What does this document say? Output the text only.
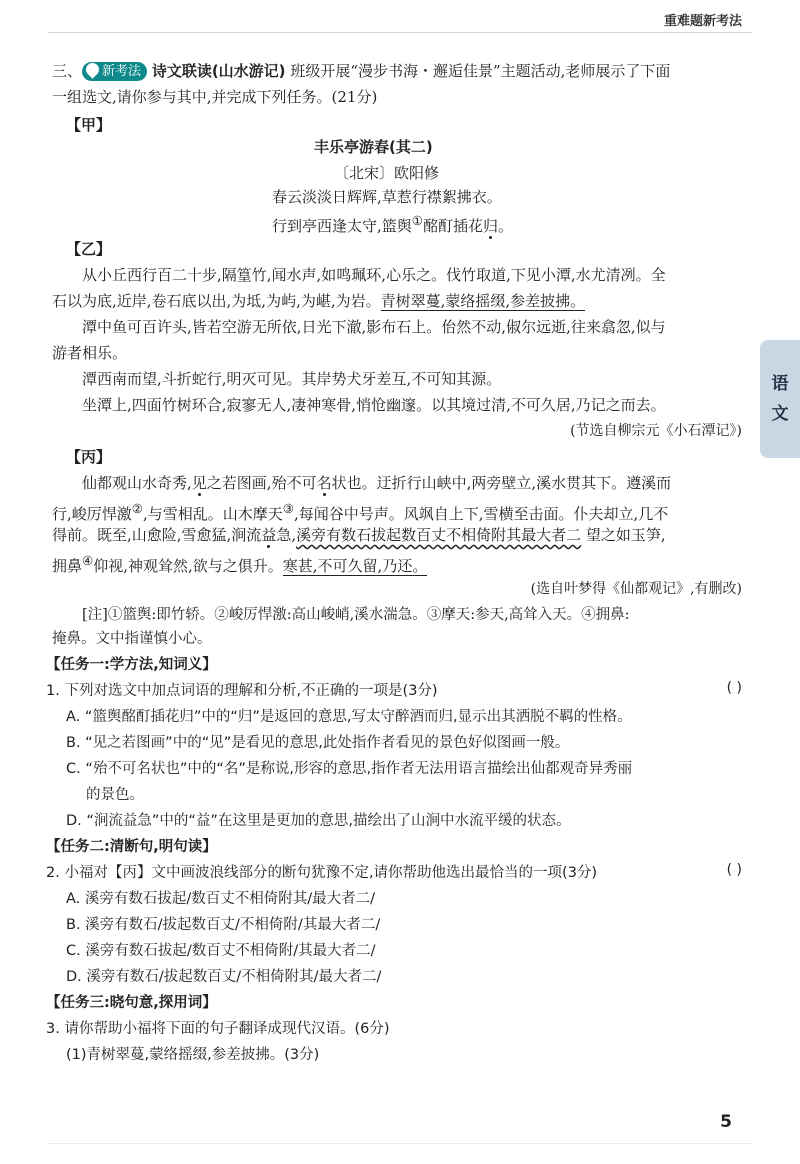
重难题新考法
语
文
三、 新考法 诗文联读(山水游记) 班级开展“漫步书海・邂逅佳景”主题活动,老师展示了下面
一组选文,请你参与其中,并完成下列任务。(21分)
【甲】
丰乐亭游春(其二)
〔北宋〕欧阳修
春云淡淡日辉辉,草惹行襟絮拂衣。
行到亭西逢太守,篮舆①酩酊插花归。
【乙】
从小丘西行百二十步,隔篁竹,闻水声,如鸣珮环,心乐之。伐竹取道,下见小潭,水尤清冽。全
石以为底,近岸,卷石底以出,为坻,为屿,为嵁,为岩。青树翠蔓,蒙络摇缀,参差披拂。
潭中鱼可百许头,皆若空游无所依,日光下澈,影布石上。佁然不动,俶尔远逝,往来翕忽,似与
游者相乐。
潭西南而望,斗折蛇行,明灭可见。其岸势犬牙差互,不可知其源。
坐潭上,四面竹树环合,寂寥无人,凄神寒骨,悄怆幽邃。以其境过清,不可久居,乃记之而去。
(节选自柳宗元《小石潭记》)
【丙】
仙都观山水奇秀,见之若图画,殆不可名状也。迂折行山峡中,两旁壁立,溪水贯其下。遵溪而
行,峻厉悍激②,与雪相乱。山木摩天③,每闻谷中号声。风飒自上下,雪横至击面。仆夫却立,几不
得前。既至,山愈险,雪愈猛,涧流益急,溪旁有数石拔起数百丈不相倚附其最大者二 望之如玉笋,
拥鼻④仰视,神观耸然,欲与之俱升。寒甚,不可久留,乃还。
(选自叶梦得《仙都观记》,有删改)
[注]①篮舆:即竹轿。②峻厉悍激:高山峻峭,溪水湍急。③摩天:参天,高耸入天。④拥鼻:
掩鼻。文中指谨慎小心。
【任务一:学方法,知词义】
1. 下列对选文中加点词语的理解和分析,不正确的一项是(3分)	( )
A. “篮舆酩酊插花归”中的“归”是返回的意思,写太守醉酒而归,显示出其洒脱不羁的性格。
B. “见之若图画”中的“见”是看见的意思,此处指作者看见的景色好似图画一般。
C. “殆不可名状也”中的“名”是称说,形容的意思,指作者无法用语言描绘出仙都观奇异秀丽
的景色。
D. “涧流益急”中的“益”在这里是更加的意思,描绘出了山涧中水流平缓的状态。
【任务二:清断句,明句读】
2. 小福对【丙】文中画波浪线部分的断句犹豫不定,请你帮助他选出最恰当的一项(3分)	( )
A. 溪旁有数石拔起/数百丈不相倚附其/最大者二/
B. 溪旁有数石/拔起数百丈/不相倚附/其最大者二/
C. 溪旁有数石拔起/数百丈不相倚附/其最大者二/
D. 溪旁有数石/拔起数百丈/不相倚附其/最大者二/
【任务三:晓句意,探用词】
3. 请你帮助小福将下面的句子翻译成现代汉语。(6分)
(1)青树翠蔓,蒙络摇缀,参差披拂。(3分)
5
